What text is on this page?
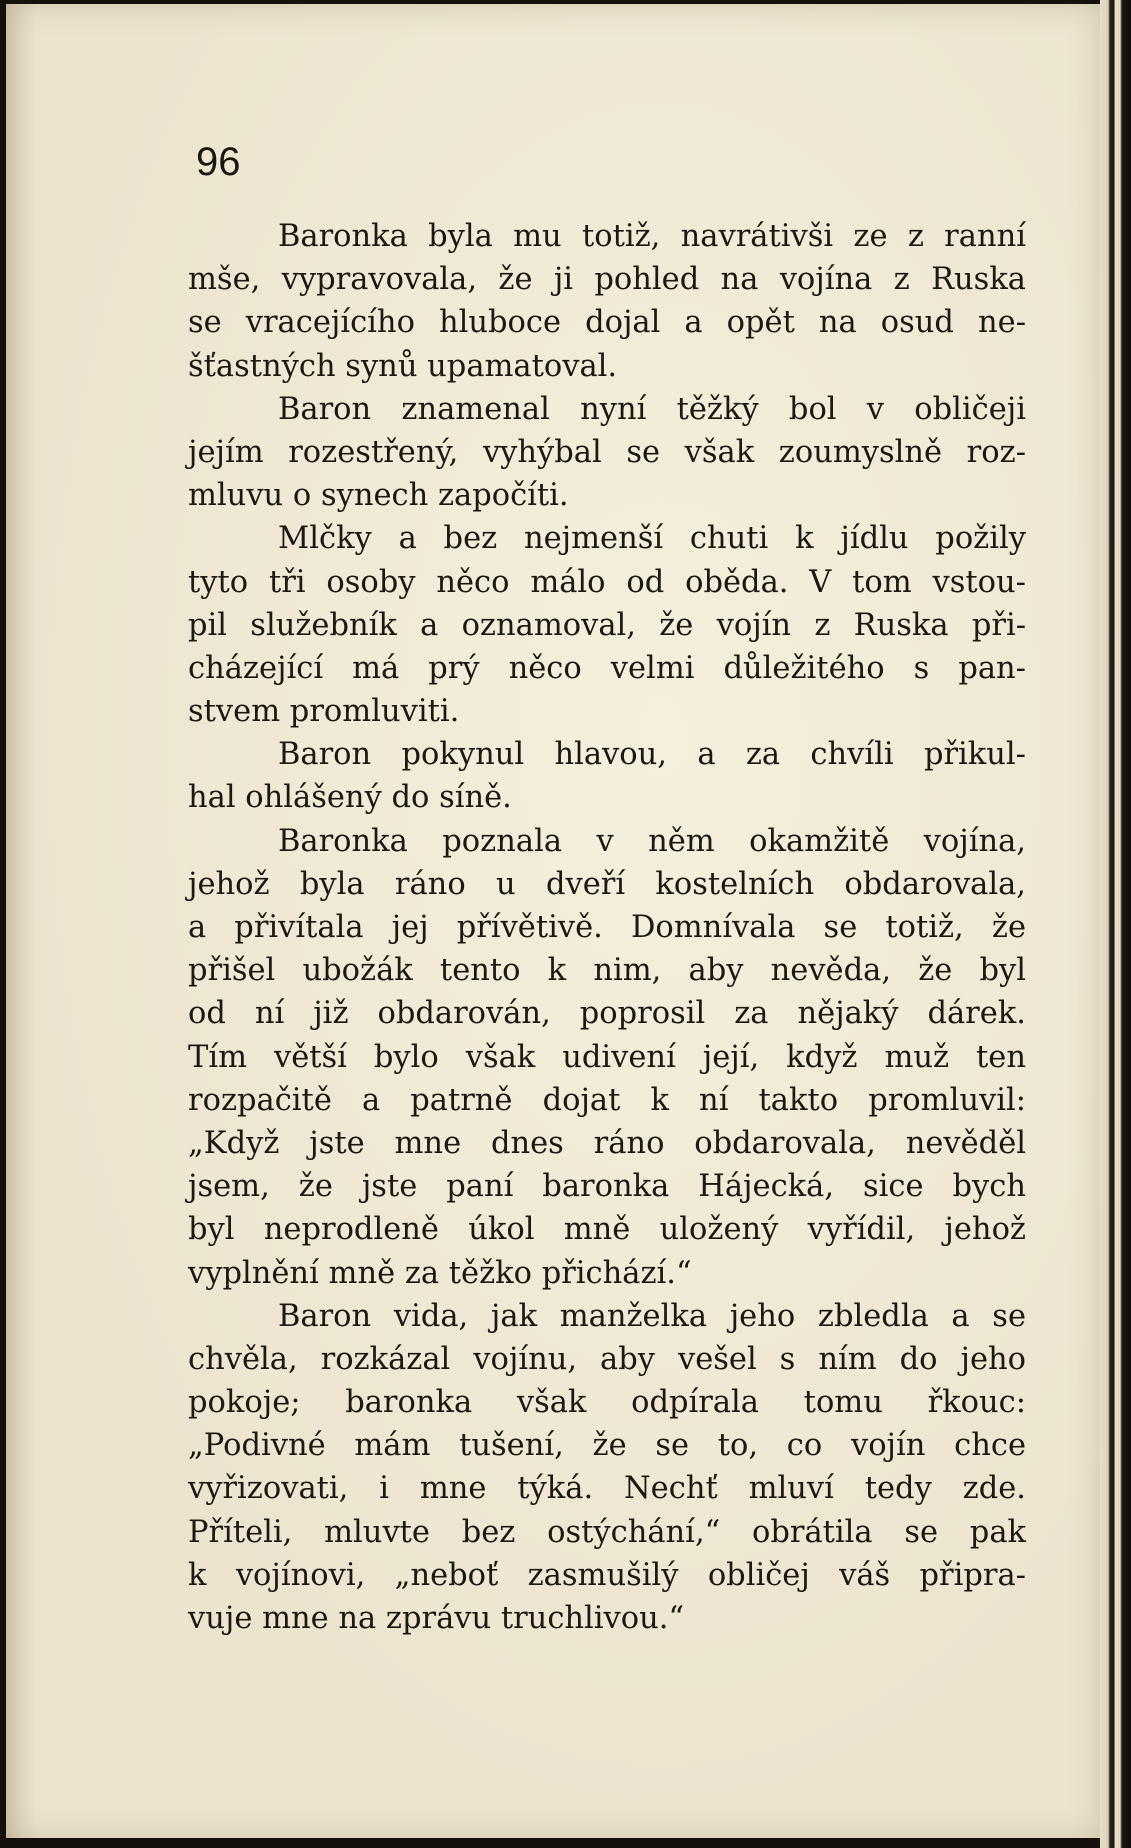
96
Baronka byla mu totiž, navrátivši ze z ranní
mše, vypravovala, že ji pohled na vojína z Ruska
se vracejícího hluboce dojal a opět na osud ne-
šťastných synů upamatoval.
Baron znamenal nyní těžký bol v obličeji
jejím rozestřený, vyhýbal se však zoumyslně roz-
mluvu o synech započíti.
Mlčky a bez nejmenší chuti k jídlu požily
tyto tři osoby něco málo od oběda. V tom vstou-
pil služebník a oznamoval, že vojín z Ruska při-
cházející má prý něco velmi důležitého s pan-
stvem promluviti.
Baron pokynul hlavou, a za chvíli přikul-
hal ohlášený do síně.
Baronka poznala v něm okamžitě vojína,
jehož byla ráno u dveří kostelních obdarovala,
a přivítala jej přívětivě. Domnívala se totiž, že
přišel ubožák tento k nim, aby nevěda, že byl
od ní již obdarován, poprosil za nějaký dárek.
Tím větší bylo však udivení její, když muž ten
rozpačitě a patrně dojat k ní takto promluvil:
„Když jste mne dnes ráno obdarovala, nevěděl
jsem, že jste paní baronka Hájecká, sice bych
byl neprodleně úkol mně uložený vyřídil, jehož
vyplnění mně za těžko přichází.“
Baron vida, jak manželka jeho zbledla a se
chvěla, rozkázal vojínu, aby vešel s ním do jeho
pokoje; baronka však odpírala tomu řkouc:
„Podivné mám tušení, že se to, co vojín chce
vyřizovati, i mne týká. Nechť mluví tedy zde.
Příteli, mluvte bez ostýchání,“ obrátila se pak
k vojínovi, „neboť zasmušilý obličej váš připra-
vuje mne na zprávu truchlivou.“
